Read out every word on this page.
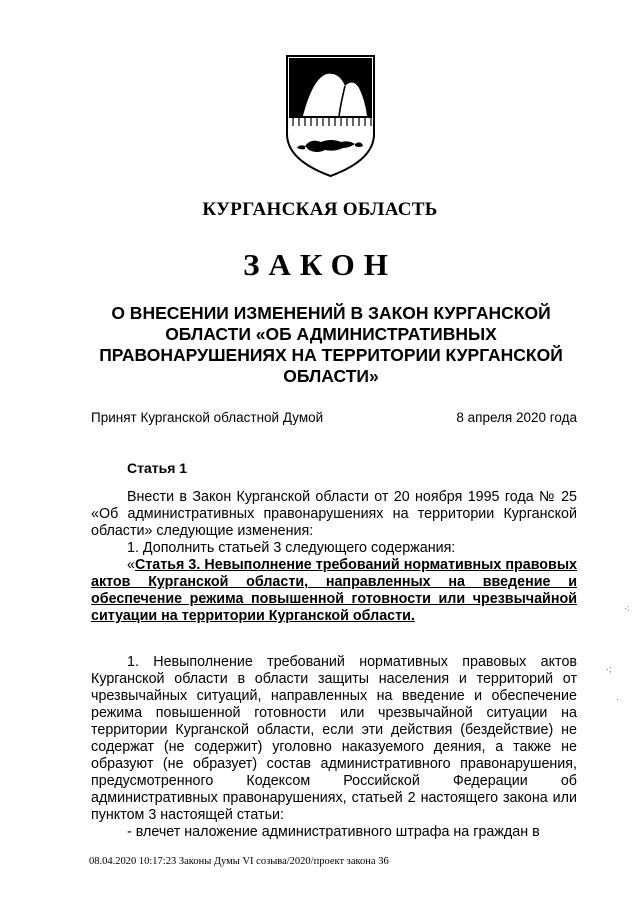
КУРГАНСКАЯ ОБЛАСТЬ
ЗАКОН

О ВНЕСЕНИИ ИЗМЕНЕНИЙ В ЗАКОН КУРГАНСКОЙ ОБЛАСТИ «ОБ АДМИНИСТРАТИВНЫХ ПРАВОНАРУШЕНИЯХ НА ТЕРРИТОРИИ КУРГАНСКОЙ ОБЛАСТИ»

Принят Курганской областной Думой	8 апреля 2020 года
Статья 1

Внести в Закон Курганской области от 20 ноября 1995 года № 25 «Об административных правонарушениях на территории Курганской области» следующие изменения:

1. Дополнить статьей 3 следующего содержания:

«Статья 3. Невыполнение требований нормативных правовых актов Курганской области, направленных на введение и обеспечение режима повышенной готовности или чрезвычайной ситуации на территории Курганской области.

1. Невыполнение требований нормативных правовых актов Курганской области в области защиты населения и территорий от чрезвычайных ситуаций, направленных на введение и обеспечение режима повышенной готовности или чрезвычайной ситуации на территории Курганской области, если эти действия (бездействие) не содержат (не содержит) уголовно наказуемого деяния, а также не образуют (не образует) состав административного правонарушения, предусмотренного Кодексом Российской Федерации об административных правонарушениях, статьей 2 настоящего закона или пунктом 3 настоящей статьи:

- влечет наложение административного штрафа на граждан в

08.04.2020 10:17:23 Законы Думы VI созыва/2020/проект закона 36
·:
·;
·
